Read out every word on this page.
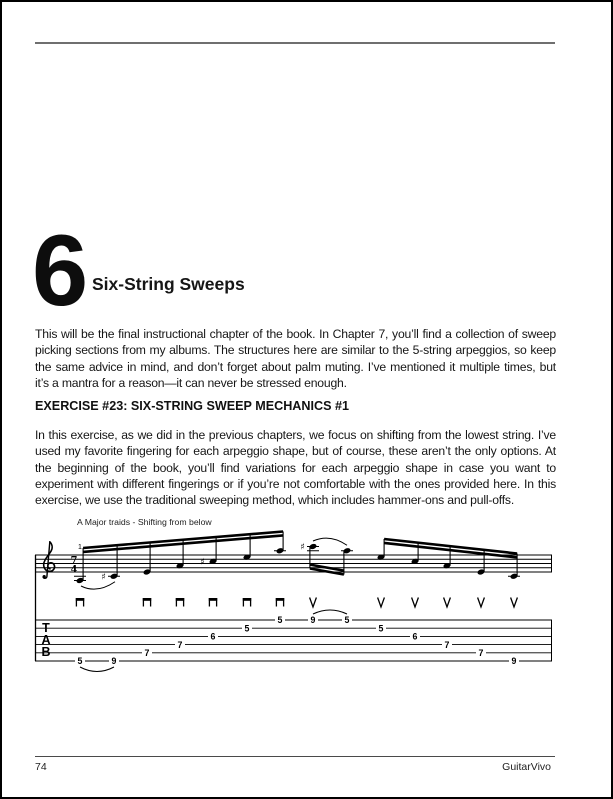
6 Six-String Sweeps

This will be the final instructional chapter of the book. In Chapter 7, you’ll find a collection of sweep picking sections from my albums. The structures here are similar to the 5-string arpeggios, so keep the same advice in mind, and don’t forget about palm muting. I’ve mentioned it multiple times, but it’s a mantra for a reason—it can never be stressed enough.

EXERCISE #23: SIX-STRING SWEEP MECHANICS #1

In this exercise, as we did in the previous chapters, we focus on shifting from the lowest string. I’ve used my favorite fingering for each arpeggio shape, but of course, these aren’t the only options. At the beginning of the book, you’ll find variations for each arpeggio shape in case you want to experiment with different fingerings or if you’re not comfortable with the ones provided here. In this exercise, we use the traditional sweeping method, which includes hammer-ons and pull-offs.

A Major traids - Shifting from below
7
4
1
T
A
B
♯
♯
♯
5	9
7
7
6
5
5	9	5
5
6
7
7
9
74	GuitarVivo
